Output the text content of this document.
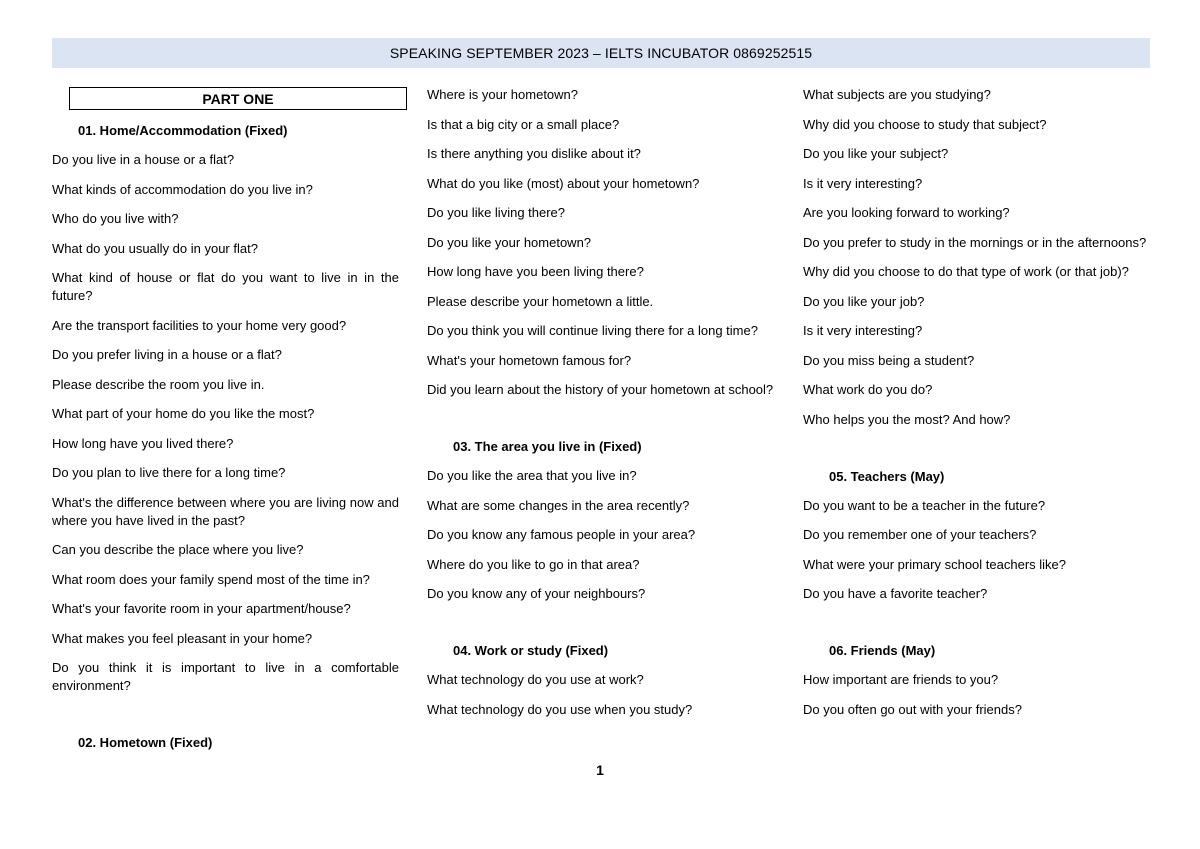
SPEAKING SEPTEMBER 2023 – IELTS INCUBATOR 0869252515
PART ONE
01. Home/Accommodation (Fixed)

Do you live in a house or a flat?

What kinds of accommodation do you live in?

Who do you live with?

What do you usually do in your flat?

What kind of house or flat do you want to live in in the future?

Are the transport facilities to your home very good?

Do you prefer living in a house or a flat?

Please describe the room you live in.

What part of your home do you like the most?

How long have you lived there?

Do you plan to live there for a long time?

What's the difference between where you are living now and where you have lived in the past?

Can you describe the place where you live?

What room does your family spend most of the time in?

What's your favorite room in your apartment/house?

What makes you feel pleasant in your home?

Do you think it is important to live in a comfortable environment?

02. Hometown (Fixed)

Where is your hometown?

Is that a big city or a small place?

Is there anything you dislike about it?

What do you like (most) about your hometown?

Do you like living there?

Do you like your hometown?

How long have you been living there?

Please describe your hometown a little.

Do you think you will continue living there for a long time?

What's your hometown famous for?

Did you learn about the history of your hometown at school?

03. The area you live in (Fixed)

Do you like the area that you live in?

What are some changes in the area recently?

Do you know any famous people in your area?

Where do you like to go in that area?

Do you know any of your neighbours?

04. Work or study (Fixed)

What technology do you use at work?

What technology do you use when you study?

What subjects are you studying?

Why did you choose to study that subject?

Do you like your subject?

Is it very interesting?

Are you looking forward to working?

Do you prefer to study in the mornings or in the afternoons?

Why did you choose to do that type of work (or that job)?

Do you like your job?

Is it very interesting?

Do you miss being a student?

What work do you do?

Who helps you the most? And how?

05. Teachers (May)

Do you want to be a teacher in the future?

Do you remember one of your teachers?

What were your primary school teachers like?

Do you have a favorite teacher?

06. Friends (May)

How important are friends to you?

Do you often go out with your friends?

1
